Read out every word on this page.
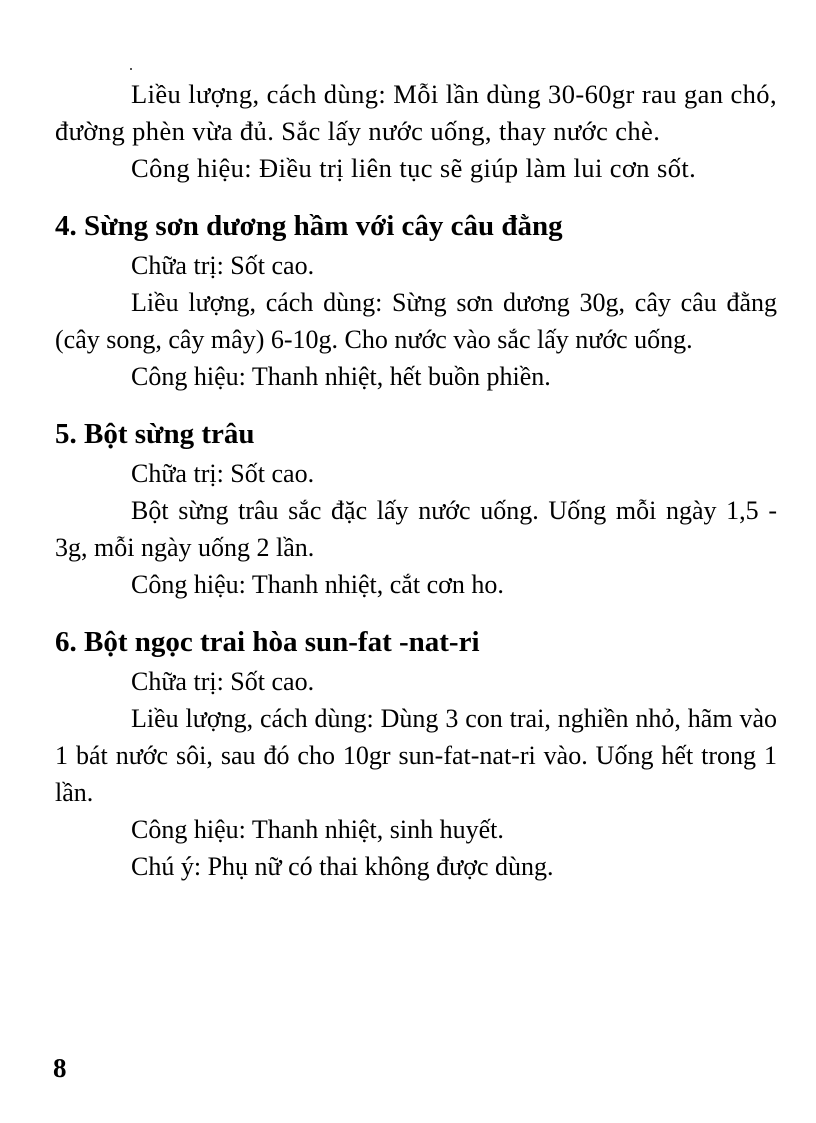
Liều lượng, cách dùng: Mỗi lần dùng 30-60gr rau gan chó, đường phèn vừa đủ. Sắc lấy nước uống, thay nước chè.

Công hiệu: Điều trị liên tục sẽ giúp làm lui cơn sốt.

4. Sừng sơn dương hầm với cây câu đằng

Chữa trị: Sốt cao.

Liều lượng, cách dùng: Sừng sơn dương 30g, cây câu đằng (cây song, cây mây) 6-10g. Cho nước vào sắc lấy nước uống.

Công hiệu: Thanh nhiệt, hết buồn phiền.

5. Bột sừng trâu

Chữa trị: Sốt cao.

Bột sừng trâu sắc đặc lấy nước uống. Uống mỗi ngày 1,5 - 3g, mỗi ngày uống 2 lần.

Công hiệu: Thanh nhiệt, cắt cơn ho.

6. Bột ngọc trai hòa sun-fat -nat-ri

Chữa trị: Sốt cao.

Liều lượng, cách dùng: Dùng 3 con trai, nghiền nhỏ, hãm vào 1 bát nước sôi, sau đó cho 10gr sun-fat-nat-ri vào. Uống hết trong 1 lần.

Công hiệu: Thanh nhiệt, sinh huyết.

Chú ý: Phụ nữ có thai không được dùng.

8
